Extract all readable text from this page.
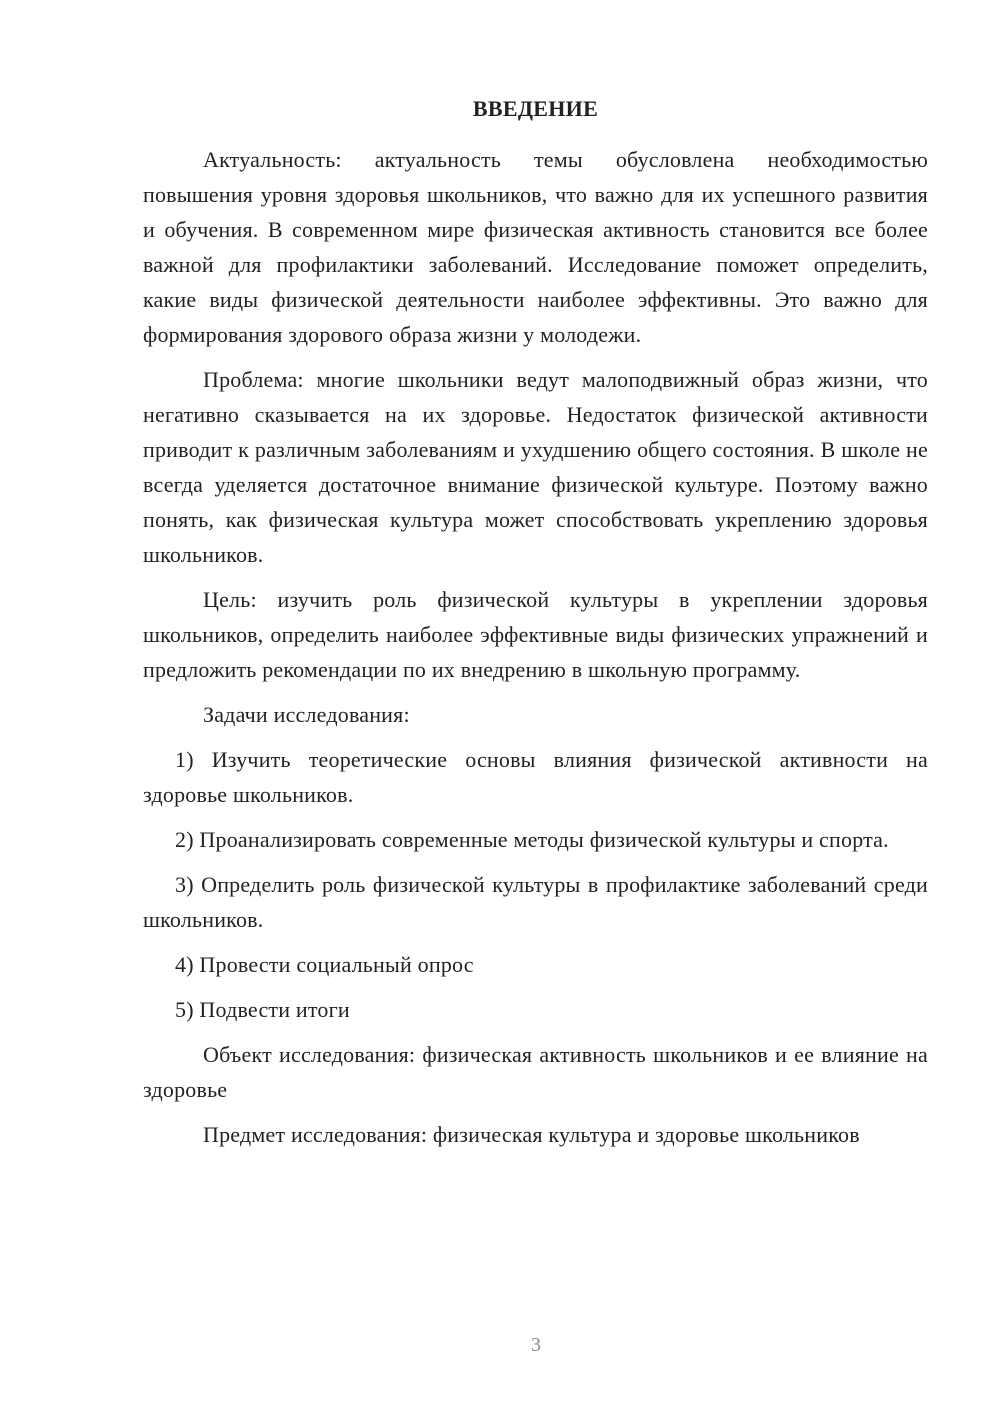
ВВЕДЕНИЕ

Актуальность: актуальность темы обусловлена необходимостью повышения уровня здоровья школьников, что важно для их успешного развития и обучения. В современном мире физическая активность становится все более важной для профилактики заболеваний. Исследование поможет определить, какие виды физической деятельности наиболее эффективны. Это важно для формирования здорового образа жизни у молодежи.

Проблема: многие школьники ведут малоподвижный образ жизни, что негативно сказывается на их здоровье. Недостаток физической активности приводит к различным заболеваниям и ухудшению общего состояния. В школе не всегда уделяется достаточное внимание физической культуре. Поэтому важно понять, как физическая культура может способствовать укреплению здоровья школьников.

Цель: изучить роль физической культуры в укреплении здоровья школьников, определить наиболее эффективные виды физических упражнений и предложить рекомендации по их внедрению в школьную программу.

Задачи исследования:

1) Изучить теоретические основы влияния физической активности на здоровье школьников.

2) Проанализировать современные методы физической культуры и спорта.

3) Определить роль физической культуры в профилактике заболеваний среди школьников.

4) Провести социальный опрос

5) Подвести итоги

Объект исследования: физическая активность школьников и ее влияние на здоровье

Предмет исследования: физическая культура и здоровье школьников

3
